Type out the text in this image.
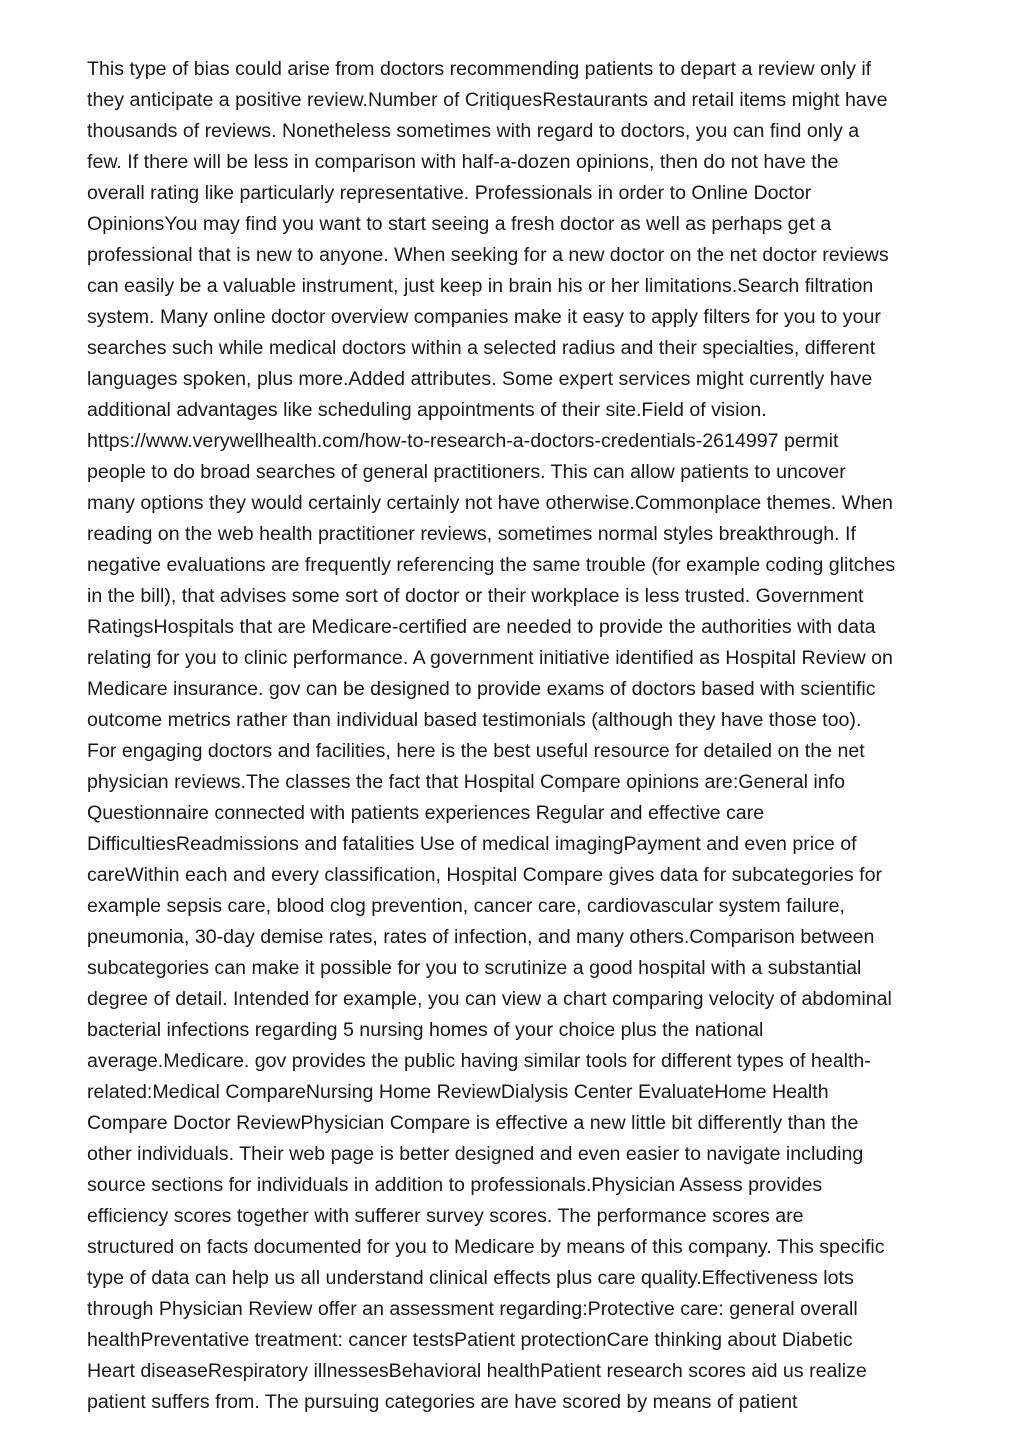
This type of bias could arise from doctors recommending patients to depart a review only if
they anticipate a positive review.Number of CritiquesRestaurants and retail items might have
thousands of reviews. Nonetheless sometimes with regard to doctors, you can find only a
few. If there will be less in comparison with half-a-dozen opinions, then do not have the
overall rating like particularly representative. Professionals in order to Online Doctor
OpinionsYou may find you want to start seeing a fresh doctor as well as perhaps get a
professional that is new to anyone. When seeking for a new doctor on the net doctor reviews
can easily be a valuable instrument, just keep in brain his or her limitations.Search filtration
system. Many online doctor overview companies make it easy to apply filters for you to your
searches such while medical doctors within a selected radius and their specialties, different
languages spoken, plus more.Added attributes. Some expert services might currently have
additional advantages like scheduling appointments of their site.Field of vision.
https://www.verywellhealth.com/how-to-research-a-doctors-credentials-2614997 permit
people to do broad searches of general practitioners. This can allow patients to uncover
many options they would certainly certainly not have otherwise.Commonplace themes. When
reading on the web health practitioner reviews, sometimes normal styles breakthrough. If
negative evaluations are frequently referencing the same trouble (for example coding glitches
in the bill), that advises some sort of doctor or their workplace is less trusted. Government
RatingsHospitals that are Medicare-certified are needed to provide the authorities with data
relating for you to clinic performance. A government initiative identified as Hospital Review on
Medicare insurance. gov can be designed to provide exams of doctors based with scientific
outcome metrics rather than individual based testimonials (although they have those too).
For engaging doctors and facilities, here is the best useful resource for detailed on the net
physician reviews.The classes the fact that Hospital Compare opinions are:General info
Questionnaire connected with patients experiences Regular and effective care
DifficultiesReadmissions and fatalities Use of medical imagingPayment and even price of
careWithin each and every classification, Hospital Compare gives data for subcategories for
example sepsis care, blood clog prevention, cancer care, cardiovascular system failure,
pneumonia, 30-day demise rates, rates of infection, and many others.Comparison between
subcategories can make it possible for you to scrutinize a good hospital with a substantial
degree of detail. Intended for example, you can view a chart comparing velocity of abdominal
bacterial infections regarding 5 nursing homes of your choice plus the national
average.Medicare. gov provides the public having similar tools for different types of health-
related:Medical CompareNursing Home ReviewDialysis Center EvaluateHome Health
Compare Doctor ReviewPhysician Compare is effective a new little bit differently than the
other individuals. Their web page is better designed and even easier to navigate including
source sections for individuals in addition to professionals.Physician Assess provides
efficiency scores together with sufferer survey scores. The performance scores are
structured on facts documented for you to Medicare by means of this company. This specific
type of data can help us all understand clinical effects plus care quality.Effectiveness lots
through Physician Review offer an assessment regarding:Protective care: general overall
healthPreventative treatment: cancer testsPatient protectionCare thinking about Diabetic
Heart diseaseRespiratory illnessesBehavioral healthPatient research scores aid us realize
patient suffers from. The pursuing categories are have scored by means of patient
